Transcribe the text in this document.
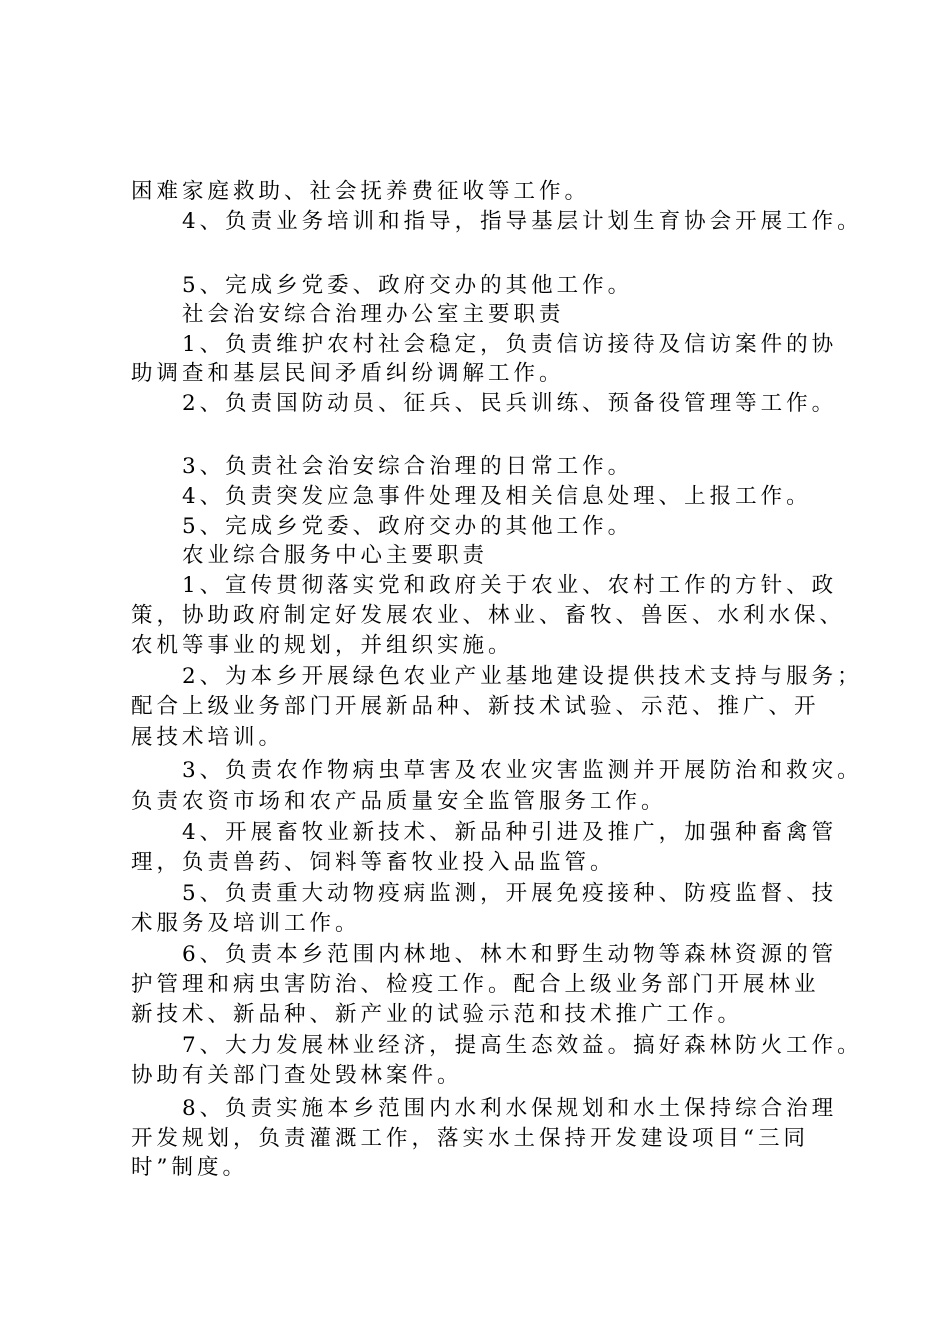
困难家庭救助、社会抚养费征收等工作。
4、负责业务培训和指导，指导基层计划生育协会开展工作。
5、完成乡党委、政府交办的其他工作。
社会治安综合治理办公室主要职责
1、负责维护农村社会稳定，负责信访接待及信访案件的协
助调查和基层民间矛盾纠纷调解工作。
2、负责国防动员、征兵、民兵训练、预备役管理等工作。
3、负责社会治安综合治理的日常工作。
4、负责突发应急事件处理及相关信息处理、上报工作。
5、完成乡党委、政府交办的其他工作。
农业综合服务中心主要职责
1、宣传贯彻落实党和政府关于农业、农村工作的方针、政
策，协助政府制定好发展农业、林业、畜牧、兽医、水利水保、
农机等事业的规划，并组织实施。
2、为本乡开展绿色农业产业基地建设提供技术支持与服务；
配合上级业务部门开展新品种、新技术试验、示范、推广、开
展技术培训。
3、负责农作物病虫草害及农业灾害监测并开展防治和救灾。
负责农资市场和农产品质量安全监管服务工作。
4、开展畜牧业新技术、新品种引进及推广，加强种畜禽管
理，负责兽药、饲料等畜牧业投入品监管。
5、负责重大动物疫病监测，开展免疫接种、防疫监督、技
术服务及培训工作。
6、负责本乡范围内林地、林木和野生动物等森林资源的管
护管理和病虫害防治、检疫工作。配合上级业务部门开展林业
新技术、新品种、新产业的试验示范和技术推广工作。
7、大力发展林业经济，提高生态效益。搞好森林防火工作。
协助有关部门查处毁林案件。
8、负责实施本乡范围内水利水保规划和水土保持综合治理
开发规划，负责灌溉工作，落实水土保持开发建设项目“三同
时”制度。
